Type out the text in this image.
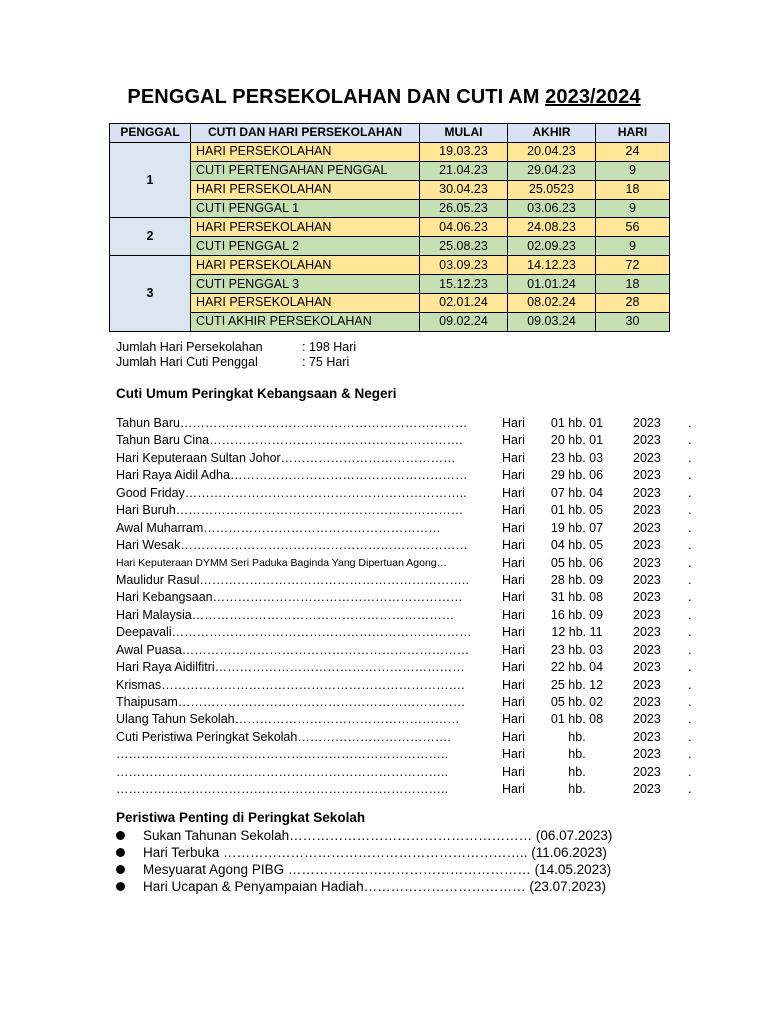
PENGGAL PERSEKOLAHAN DAN CUTI AM 2023/2024
PENGGAL	CUTI DAN HARI PERSEKOLAHAN	MULAI	AKHIR	HARI
1	HARI PERSEKOLAHAN	19.03.23	20.04.23	24
	CUTI PERTENGAHAN PENGGAL	21.04.23	29.04.23	9
	HARI PERSEKOLAHAN	30.04.23	25.0523	18
	CUTI PENGGAL 1	26.05.23	03.06.23	9
2	HARI PERSEKOLAHAN	04.06.23	24.08.23	56
	CUTI PENGGAL 2	25.08.23	02.09.23	9
3	HARI PERSEKOLAHAN	03.09.23	14.12.23	72
	CUTI PENGGAL 3	15.12.23	01.01.24	18
	HARI PERSEKOLAHAN	02.01.24	08.02.24	28
	CUTI AKHIR PERSEKOLAHAN	09.02.24	09.03.24	30
Jumlah Hari Persekolahan	: 198 Hari
Jumlah Hari Cuti Penggal	: 75 Hari
Cuti Umum Peringkat Kebangsaan & Negeri
Tahun Baru……………………………………………………………	Hari	01 hb. 01	2023 .
Tahun Baru Cina…………………………………………………….	Hari	20 hb. 01	2023 .
Hari Keputeraan Sultan Johor……………………………………	Hari	23 hb. 03	2023 .
Hari Raya Aidil Adha…………………………………………………	Hari	29 hb. 06	2023 .
Good Friday…………………………………………………………..	Hari	07 hb. 04	2023 .
Hari Buruh……………………………………………………………	Hari	01 hb. 05	2023 .
Awal Muharram…………………………………………………	Hari	19 hb. 07	2023 .
Hari Wesak……………………………………………………………	Hari	04 hb. 05	2023 .
Hari Keputeraan DYMM Seri Paduka Baginda Yang Dipertuan Agong…	Hari	05 hb. 06	2023 .
Maulidur Rasul………………………………………………………..	Hari	28 hb. 09	2023 .
Hari Kebangsaan……………………………………………………	Hari	31 hb. 08	2023 .
Hari Malaysia………………………………………………………	Hari	16 hb. 09	2023 .
Deepavali………………………………………………………………	Hari	12 hb. 11	2023 .
Awal Puasa……………………………………………………………	Hari	23 hb. 03	2023 .
Hari Raya Aidilfitri……………………………………………………	Hari	22 hb. 04	2023 .
Krismas……………………………………………………………….	Hari	25 hb. 12	2023 .
Thaipusam……………………………………………………………	Hari	05 hb. 02	2023 .
Ulang Tahun Sekolah………………………………………………	Hari	01 hb. 08	2023 .
Cuti Peristiwa Peringkat Sekolah……………………………….	Hari	hb.	2023 .
……………………………………………………………………..	Hari	hb.	2023 .
……………………………………………………………………..	Hari	hb.	2023 .
……………………………………………………………………..	Hari	hb.	2023 .
Peristiwa Penting di Peringkat Sekolah
Sukan Tahunan Sekolah……………………………………………… (06.07.2023)
Hari Terbuka ………………………………………………………….. (11.06.2023)
Mesyuarat Agong PIBG ……………………………………………… (14.05.2023)
Hari Ucapan & Penyampaian Hadiah……………………………… (23.07.2023)
